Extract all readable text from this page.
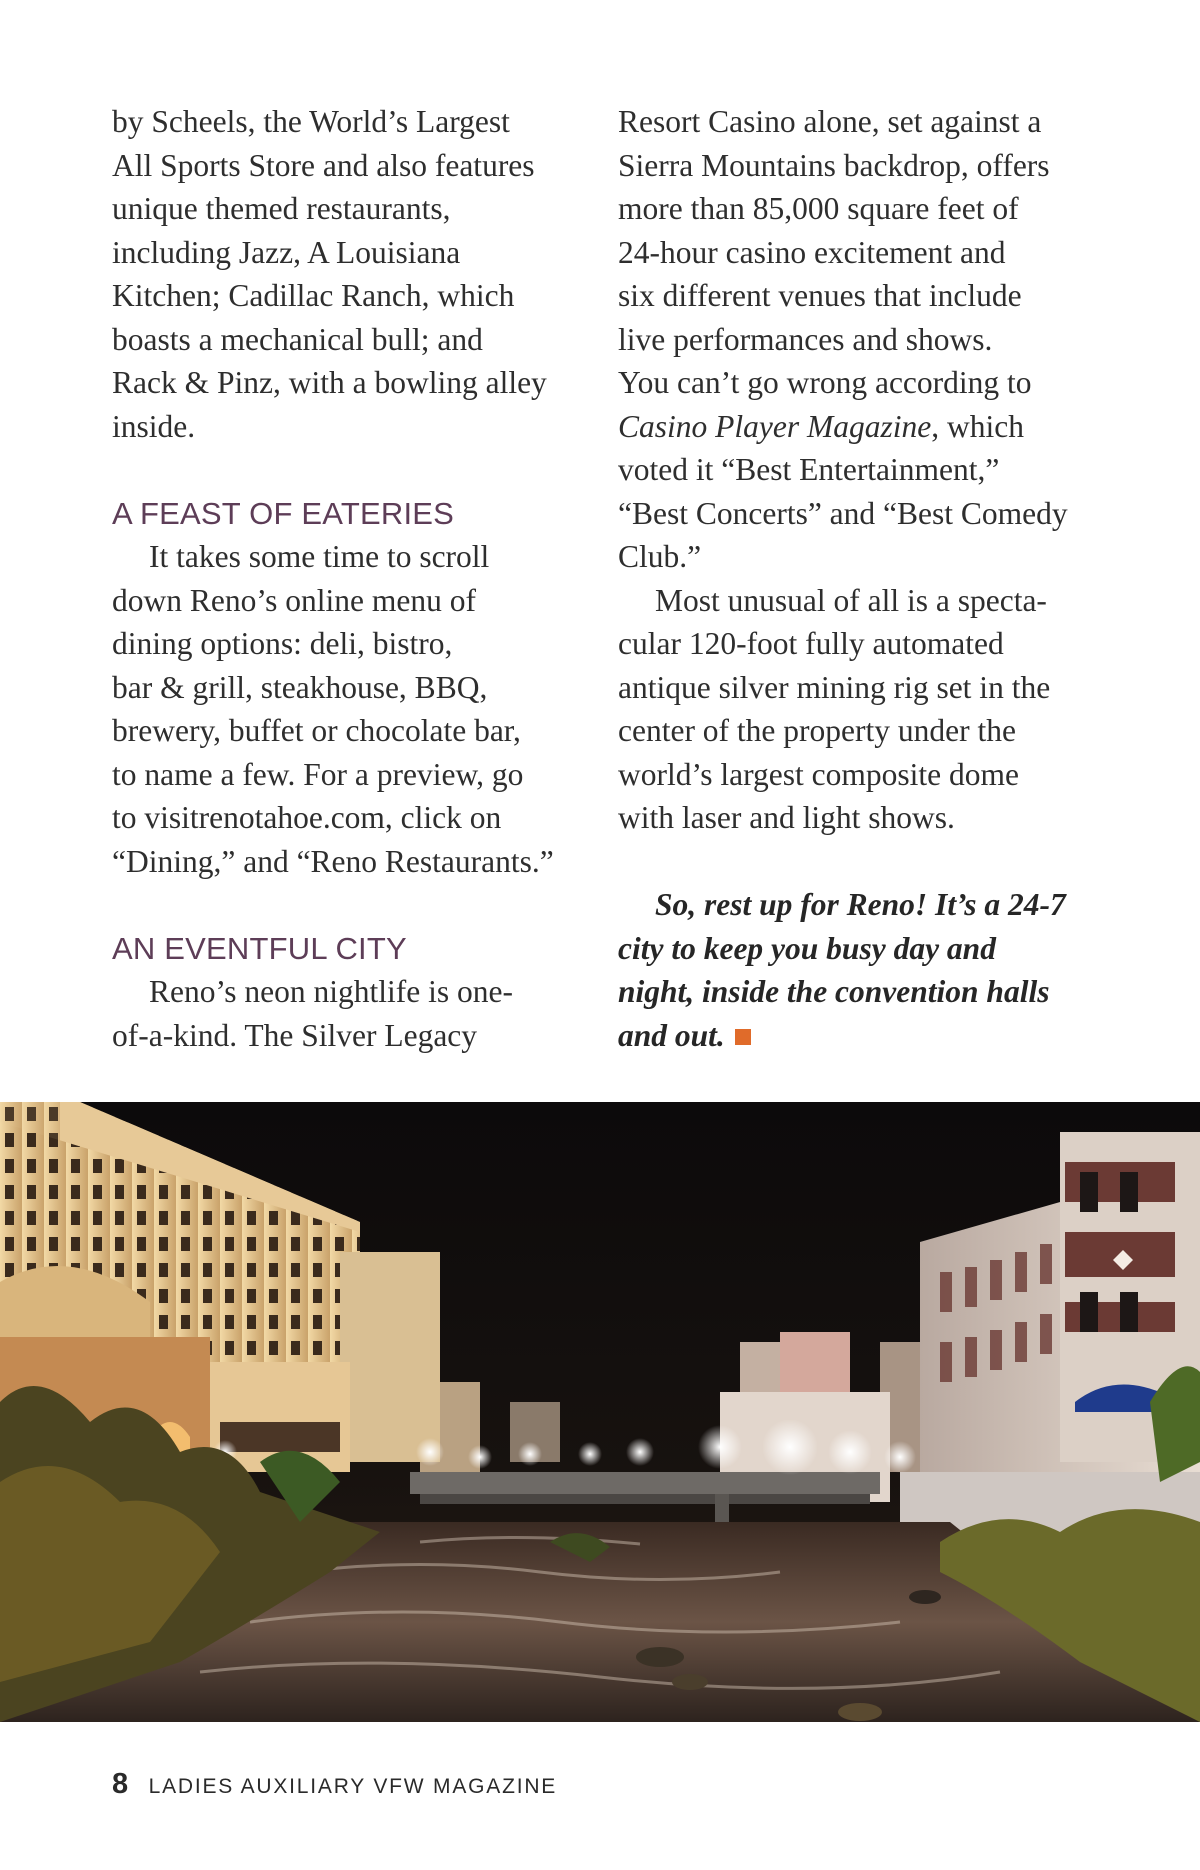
by Scheels, the World’s Largest
All Sports Store and also features
unique themed restaurants,
including Jazz, A Louisiana
Kitchen; Cadillac Ranch, which
boasts a mechanical bull; and
Rack & Pinz, with a bowling alley
inside.
A FEAST OF EATERIES
It takes some time to scroll
down Reno’s online menu of
dining options: deli, bistro,
bar & grill, steakhouse, BBQ,
brewery, buffet or chocolate bar,
to name a few. For a preview, go
to visitrenotahoe.com, click on
“Dining,” and “Reno Restaurants.”
AN EVENTFUL CITY
Reno’s neon nightlife is one-
of-a-kind. The Silver Legacy
Resort Casino alone, set against a
Sierra Mountains backdrop, offers
more than 85,000 square feet of
24-hour casino excitement and
six different venues that include
live performances and shows.
You can’t go wrong according to
Casino Player Magazine, which
voted it “Best Entertainment,”
“Best Concerts” and “Best Comedy
Club.”
Most unusual of all is a specta-
cular 120-foot fully automated
antique silver mining rig set in the
center of the property under the
world’s largest composite dome
with laser and light shows.
So, rest up for Reno! It’s a 24-7
city to keep you busy day and
night, inside the convention halls
and out.
8 LADIES AUXILIARY VFW MAGAZINE
